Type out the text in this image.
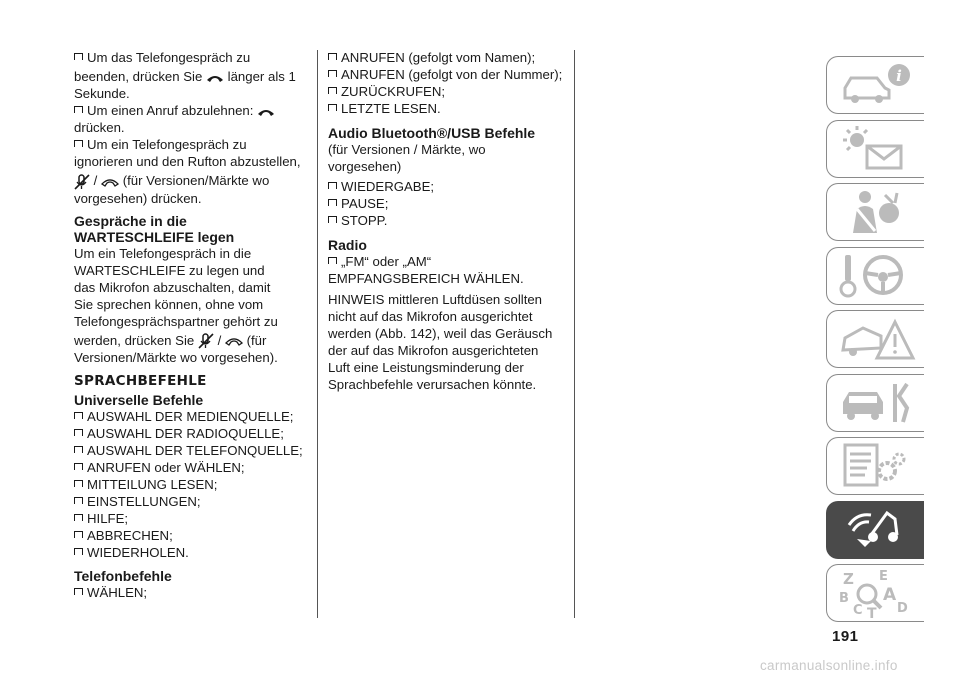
Um das Telefongespräch zu
beenden, drücken Sie länger als 1
Sekunde.
Um einen Anruf abzulehnen:
drücken.
Um ein Telefongespräch zu
ignorieren und den Rufton abzustellen,
/ (für Versionen/Märkte wo
vorgesehen) drücken.
Gespräche in die WARTESCHLEIFE legen
Um ein Telefongespräch in die
WARTESCHLEIFE zu legen und
das Mikrofon abzuschalten, damit
Sie sprechen können, ohne vom
Telefongesprächspartner gehört zu
werden, drücken Sie / (für
Versionen/Märkte wo vorgesehen).
SPRACHBEFEHLE
Universelle Befehle
AUSWAHL DER MEDIENQUELLE;
AUSWAHL DER RADIOQUELLE;
AUSWAHL DER TELEFONQUELLE;
ANRUFEN oder WÄHLEN;
MITTEILUNG LESEN;
EINSTELLUNGEN;
HILFE;
ABBRECHEN;
WIEDERHOLEN.
Telefonbefehle
WÄHLEN;
ANRUFEN (gefolgt vom Namen);
ANRUFEN (gefolgt von der Nummer);
ZURÜCKRUFEN;
LETZTE LESEN.
Audio Bluetooth®/USB Befehle
(für Versionen / Märkte, wo
vorgesehen)
WIEDERGABE;
PAUSE;
STOPP.
Radio
„FM“ oder „AM“
EMPFANGSBEREICH WÄHLEN.
HINWEIS mittleren Luftdüsen sollten
nicht auf das Mikrofon ausgerichtet
werden (Abb. 142), weil das Geräusch
der auf das Mikrofon ausgerichteten
Luft eine Leistungsminderung der
Sprachbefehle verursachen könnte.
i
Z E
B A
C T D
191
carmanualsonline.info
